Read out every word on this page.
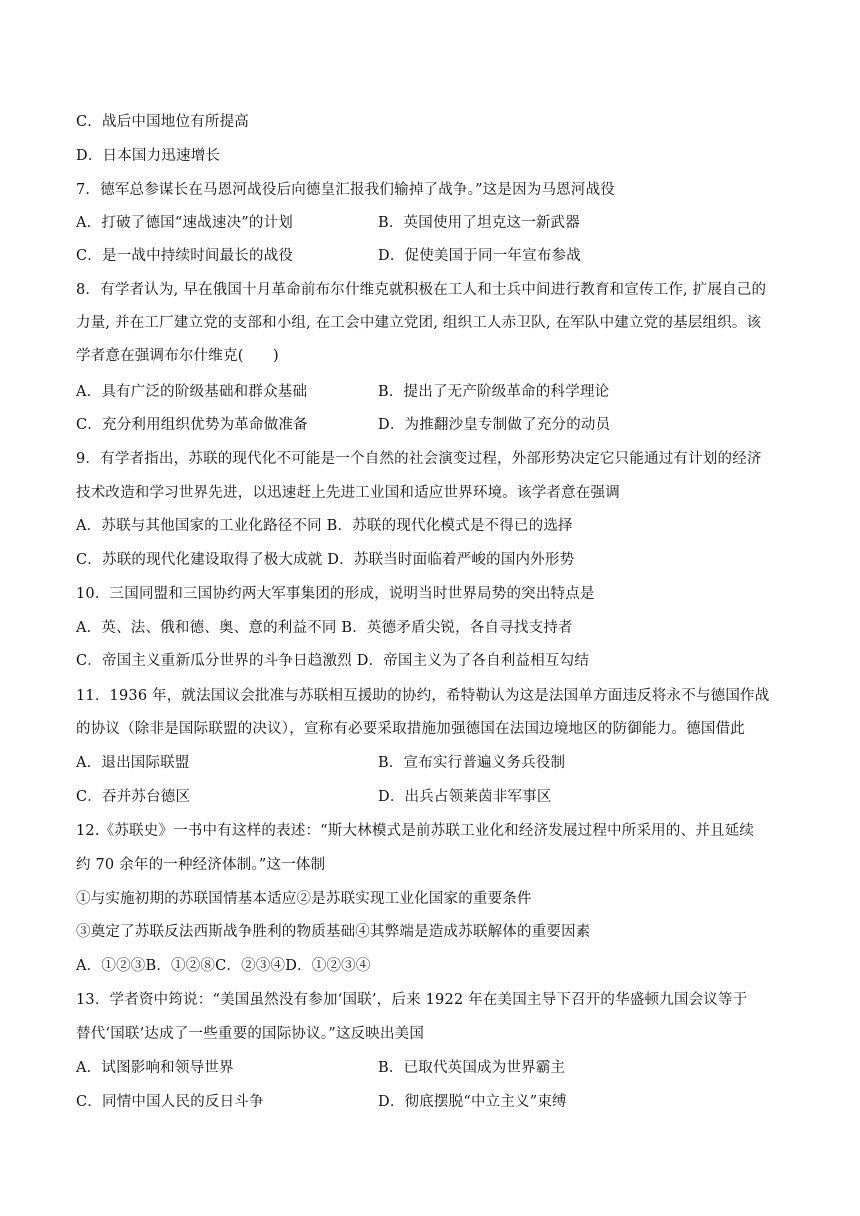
C．战后中国地位有所提高
D．日本国力迅速增长
7．德军总参谋长在马恩河战役后向德皇汇报我们输掉了战争。”这是因为马恩河战役
A．打破了德国“速战速决”的计划	B．英国使用了坦克这一新武器
C．是一战中持续时间最长的战役	D．促使美国于同一年宣布参战
8．有学者认为, 早在俄国十月革命前布尔什维克就积极在工人和士兵中间进行教育和宣传工作, 扩展自己的
力量, 并在工厂建立党的支部和小组, 在工会中建立党团, 组织工人赤卫队, 在军队中建立党的基层组织。该
学者意在强调布尔什维克(　　)
A．具有广泛的阶级基础和群众基础	B．提出了无产阶级革命的科学理论
C．充分利用组织优势为革命做准备	D．为推翻沙皇专制做了充分的动员
9．有学者指出，苏联的现代化不可能是一个自然的社会演变过程，外部形势决定它只能通过有计划的经济
技术改造和学习世界先进，以迅速赶上先进工业国和适应世界环境。该学者意在强调
A．苏联与其他国家的工业化路径不同 B．苏联的现代化模式是不得已的选择
C．苏联的现代化建设取得了极大成就 D．苏联当时面临着严峻的国内外形势
10．三国同盟和三国协约两大军事集团的形成，说明当时世界局势的突出特点是
A．英、法、俄和德、奥、意的利益不同 B．英德矛盾尖锐，各自寻找支持者
C．帝国主义重新瓜分世界的斗争日趋激烈 D．帝国主义为了各自利益相互勾结
11．1936 年，就法国议会批准与苏联相互援助的协约，希特勒认为这是法国单方面违反将永不与德国作战
的协议（除非是国际联盟的决议），宣称有必要采取措施加强德国在法国边境地区的防御能力。德国借此
A．退出国际联盟	B．宣布实行普遍义务兵役制
C．吞并苏台德区	D．出兵占领莱茵非军事区
12.《苏联史》一书中有这样的表述：“斯大林模式是前苏联工业化和经济发展过程中所采用的、并且延续
约 70 余年的一种经济体制。”这一体制
①与实施初期的苏联国情基本适应②是苏联实现工业化国家的重要条件
③奠定了苏联反法西斯战争胜利的物质基础④其弊端是造成苏联解体的重要因素
A．①②③B．①②⑧C．②③④D．①②③④
13．学者资中筠说：“美国虽然没有参加‘国联’，后来 1922 年在美国主导下召开的华盛顿九国会议等于
替代‘国联’达成了一些重要的国际协议。”这反映出美国
A．试图影响和领导世界	B．已取代英国成为世界霸主
C．同情中国人民的反日斗争	D．彻底摆脱“中立主义”束缚
